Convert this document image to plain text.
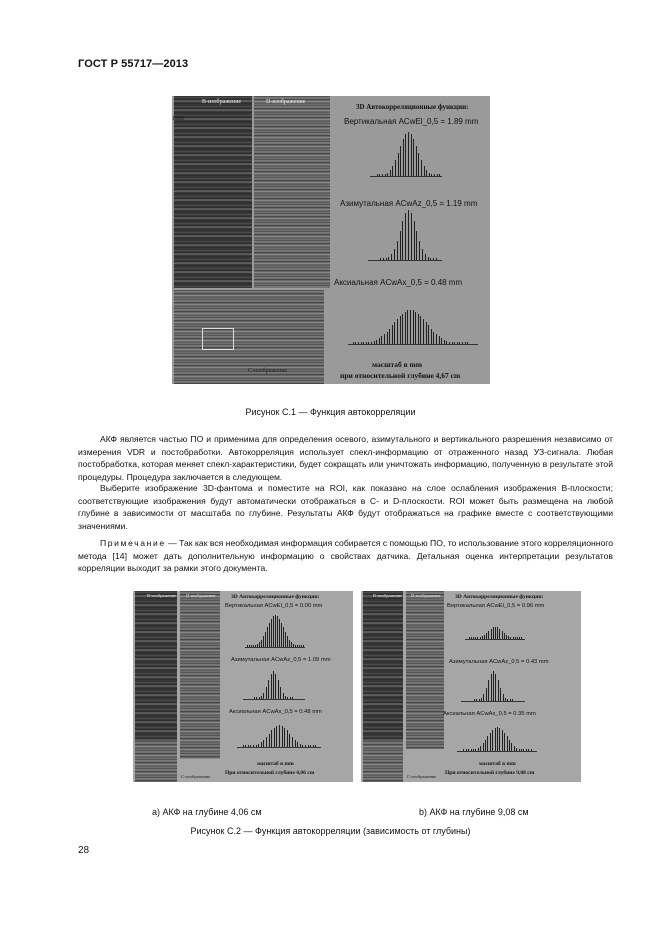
ГОСТ Р 55717—2013
В-изображение	D-изображение
1993
С-изображение
3D Автокорреляционные функции:
Вертикальная ACwEl_0,5 = 1.89 mm
Азимутальная ACwAz_0,5 = 1.19 mm
Аксиальная ACwAx_0,5 = 0.48 mm
масштаб в mm
при относительной глубине 4,67 cm
Рисунок С.1 — Функция автокорреляции

АКФ является частью ПО и применима для определения осевого, азимутального и вертикального разрешения независимо от измерения VDR и постобработки. Автокорреляция использует спекл-информацию от отраженного назад УЗ-сигнала. Любая постобработка, которая меняет спекл-характеристики, будет сокращать или уничтожать информацию, полученную в результате этой процедуры. Процедура заключается в следующем.

Выберите изображение 3D-фантома и поместите на ROI, как показано на слое ослабления изображения B-плоскости; соответствующие изображения будут автоматически отображаться в С- и D-плоскости. ROI может быть размещена на любой глубине в зависимости от масштаба по глубине. Результаты АКФ будут отображаться на графике вместе с соответствующими значениями.

Примечание — Так как вся необходимая информация собирается с помощью ПО, то использование этого корреляционного метода [14] может дать дополнительную информацию о свойствах датчика. Детальная оценка интерпретации результатов корреляции выходит за рамки этого документа.

В-изображение D-изображение
С-изображение
3D Автокорреляционные функции:
Вертикальная ACwEl_0,5 = 0.00 mm
Азимутальная ACwAz_0,5 = 1.09 mm
Аксиальная ACwAx_0,5 = 0.48 mm
масштаб в mm
При относительной глубине 4,06 cm
В-изображение D-изображение
С-изображение
3D Автокорреляционные функции:
Вертикальная ACwEl_0,5 = 0.96 mm
Азимутальная ACwAz_0,5 = 0.43 mm
Аксиальная ACwAx_0,5 = 0.35 mm
масштаб в mm
При относительной глубине 9,08 cm
а) АКФ на глубине 4,06 см	b) АКФ на глубине 9,08 см
Рисунок С.2 — Функция автокорреляции (зависимость от глубины)
28
